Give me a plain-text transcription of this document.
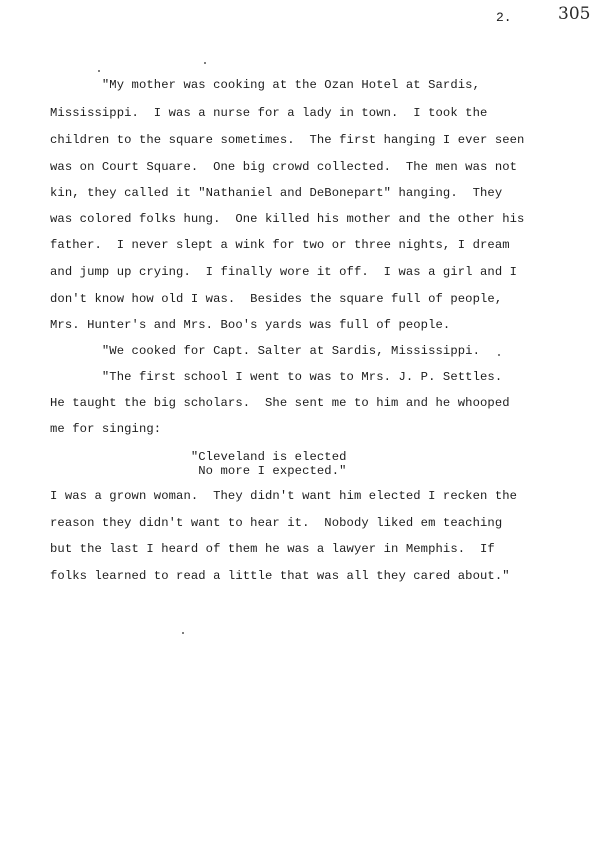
2.	305
"My mother was cooking at the Ozan Hotel at Sardis,
Mississippi.  I was a nurse for a lady in town.  I took the
children to the square sometimes.  The first hanging I ever seen
was on Court Square.  One big crowd collected.  The men was not
kin, they called it "Nathaniel and DeBonepart" hanging.  They
was colored folks hung.  One killed his mother and the other his
father.  I never slept a wink for two or three nights, I dream
and jump up crying.  I finally wore it off.  I was a girl and I
don't know how old I was.  Besides the square full of people,
Mrs. Hunter's and Mrs. Boo's yards was full of people.
"We cooked for Capt. Salter at Sardis, Mississippi.
"The first school I went to was to Mrs. J. P. Settles.
He taught the big scholars.  She sent me to him and he whooped
me for singing:
"Cleveland is elected
No more I expected."
I was a grown woman.  They didn't want him elected I recken the
reason they didn't want to hear it.  Nobody liked em teaching
but the last I heard of them he was a lawyer in Memphis.  If
folks learned to read a little that was all they cared about."
